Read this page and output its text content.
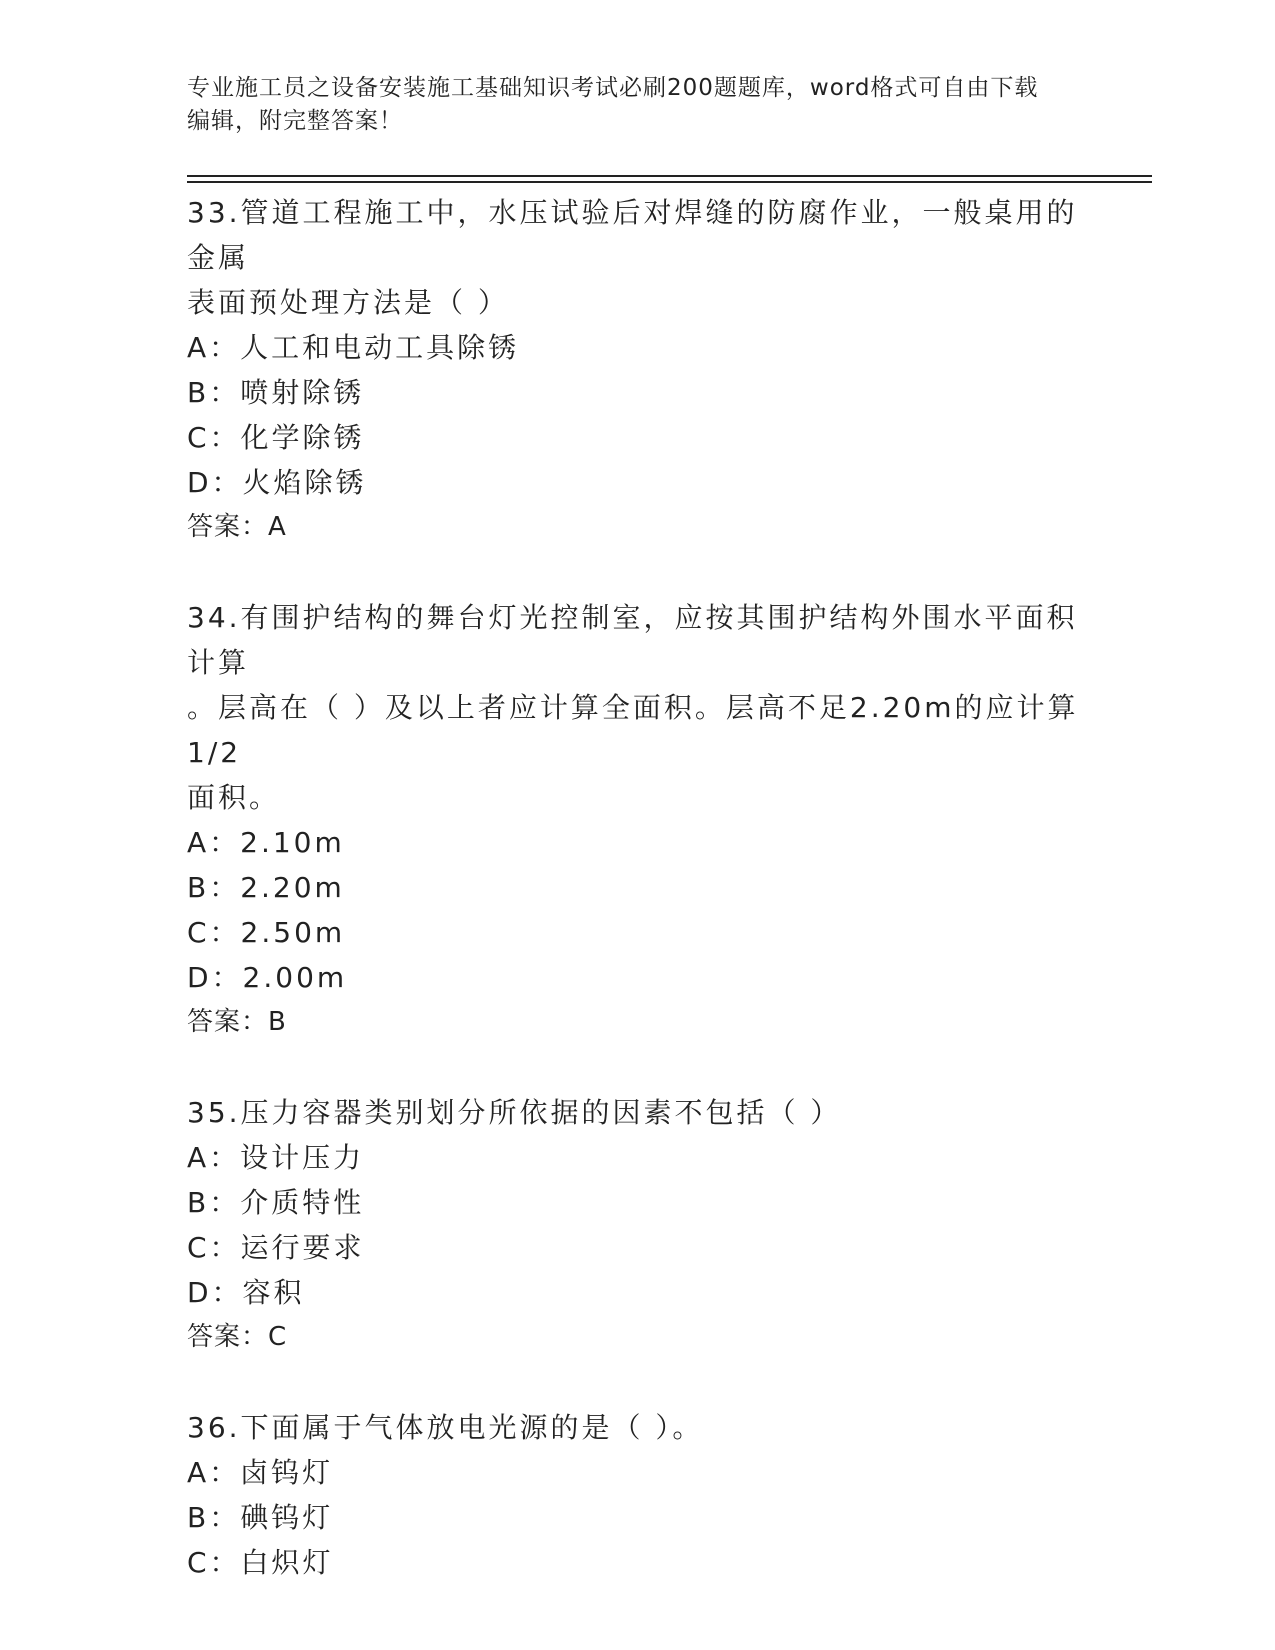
专业施工员之设备安装施工基础知识考试必刷200题题库，word格式可自由下载
编辑，附完整答案！
33.管道工程施工中，水压试验后对焊缝的防腐作业，一般桌用的金属
表面预处理方法是（ ）
A：人工和电动工具除锈
B：喷射除锈
C：化学除锈
D：火焰除锈
答案：A
34.有围护结构的舞台灯光控制室，应按其围护结构外围水平面积计算
。层高在（ ）及以上者应计算全面积。层高不足2.20m的应计算1/2
面积。
A：2.10m
B：2.20m
C：2.50m
D：2.00m
答案：B
35.压力容器类别划分所依据的因素不包括（ ）
A：设计压力
B：介质特性
C：运行要求
D：容积
答案：C
36.下面属于气体放电光源的是（ ）。
A：卤钨灯
B：碘钨灯
C：白炽灯
